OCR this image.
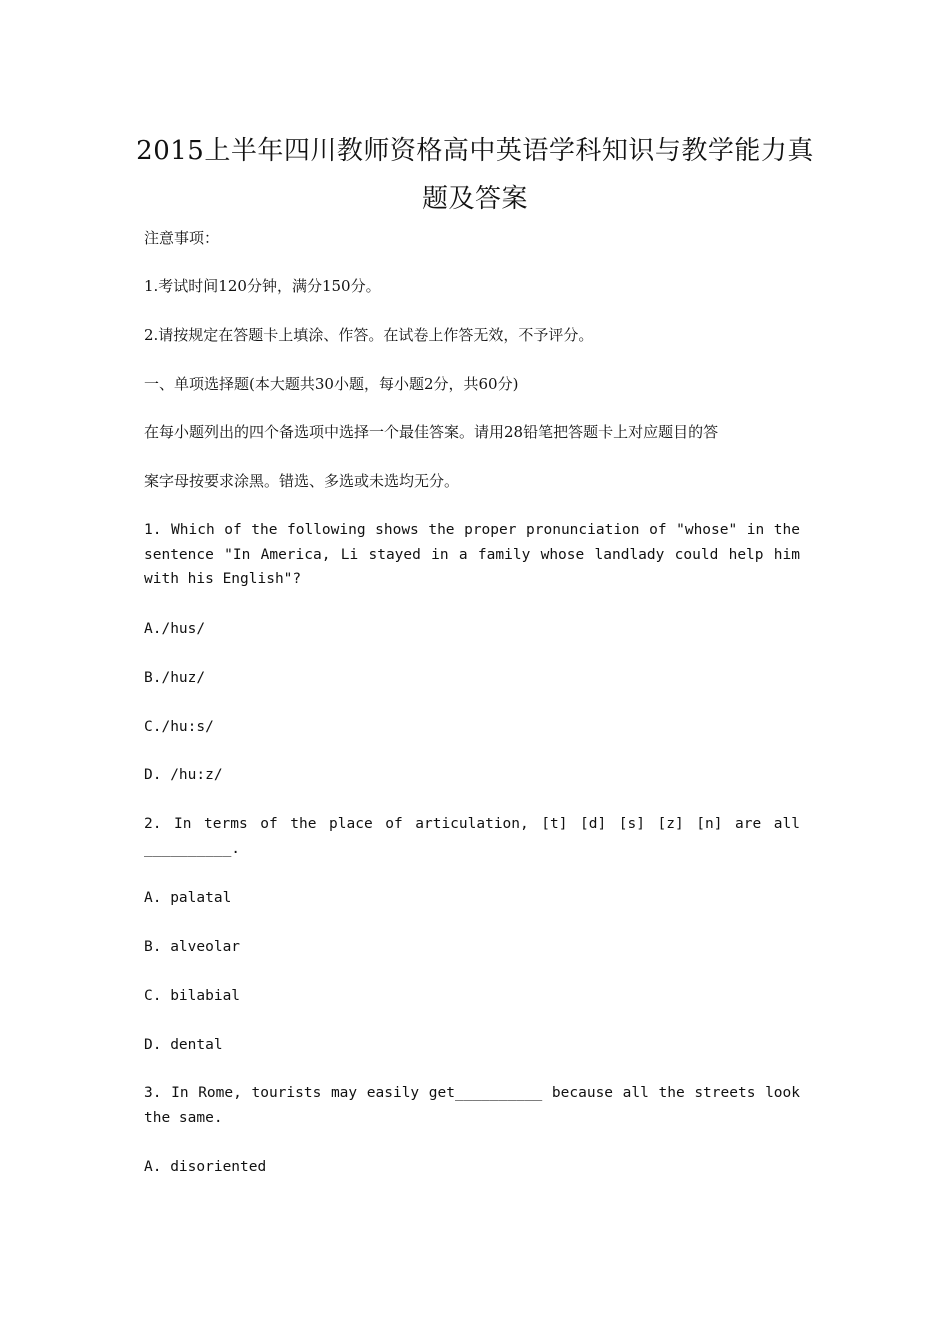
2015上半年四川教师资格高中英语学科知识与教学能力真
题及答案

注意事项：

1.考试时间120分钟，满分150分。

2.请按规定在答题卡上填涂、作答。在试卷上作答无效，不予评分。

一、单项选择题(本大题共30小题，每小题2分，共60分)

在每小题列出的四个备选项中选择一个最佳答案。请用28铅笔把答题卡上对应题目的答

案字母按要求涂黑。错选、多选或未选均无分。

1. Which of the following shows the proper pronunciation of "whose" in the sentence "In America, Li stayed in a family whose landlady could help him with his English"?

A./hus/

B./huz/

C./hu:s/

D. /hu:z/

2. In terms of the place of articulation, [t] [d] [s] [z] [n] are all __________.

A. palatal

B. alveolar

C. bilabial

D. dental

3. In Rome, tourists may easily get__________ because all the streets look the same.

A. disoriented
